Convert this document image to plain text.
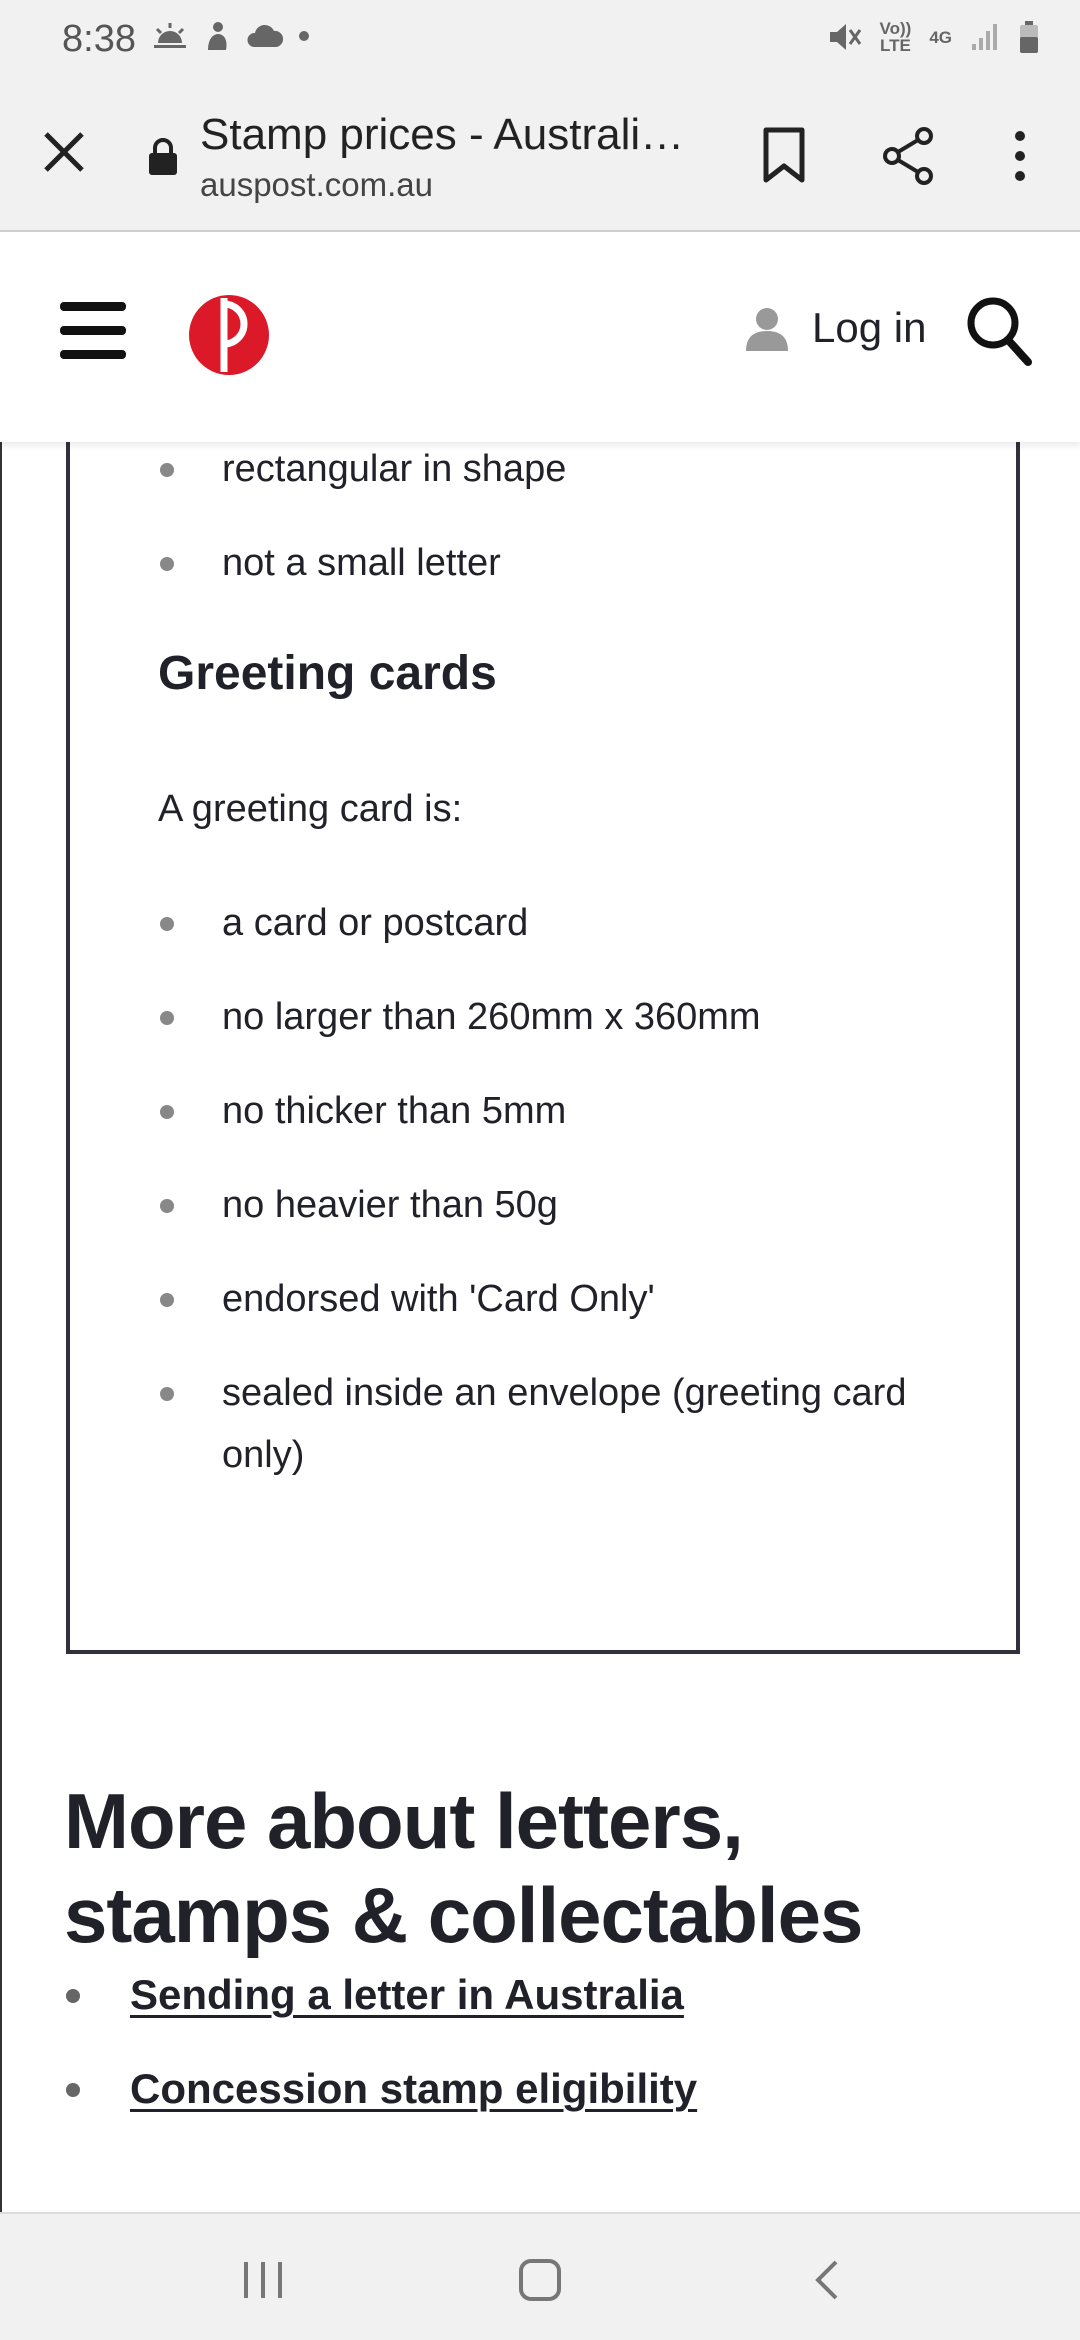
8:38	Vo))
LTE 4G
Stamp prices - Australi…
auspost.com.au
Log in
rectangular in shape
not a small letter
Greeting cards

A greeting card is:

a card or postcard
no larger than 260mm x 360mm
no thicker than 5mm
no heavier than 50g
endorsed with 'Card Only'
sealed inside an envelope (greeting card only)
More about letters, stamps & collectables
Sending a letter in Australia
Concession stamp eligibility
